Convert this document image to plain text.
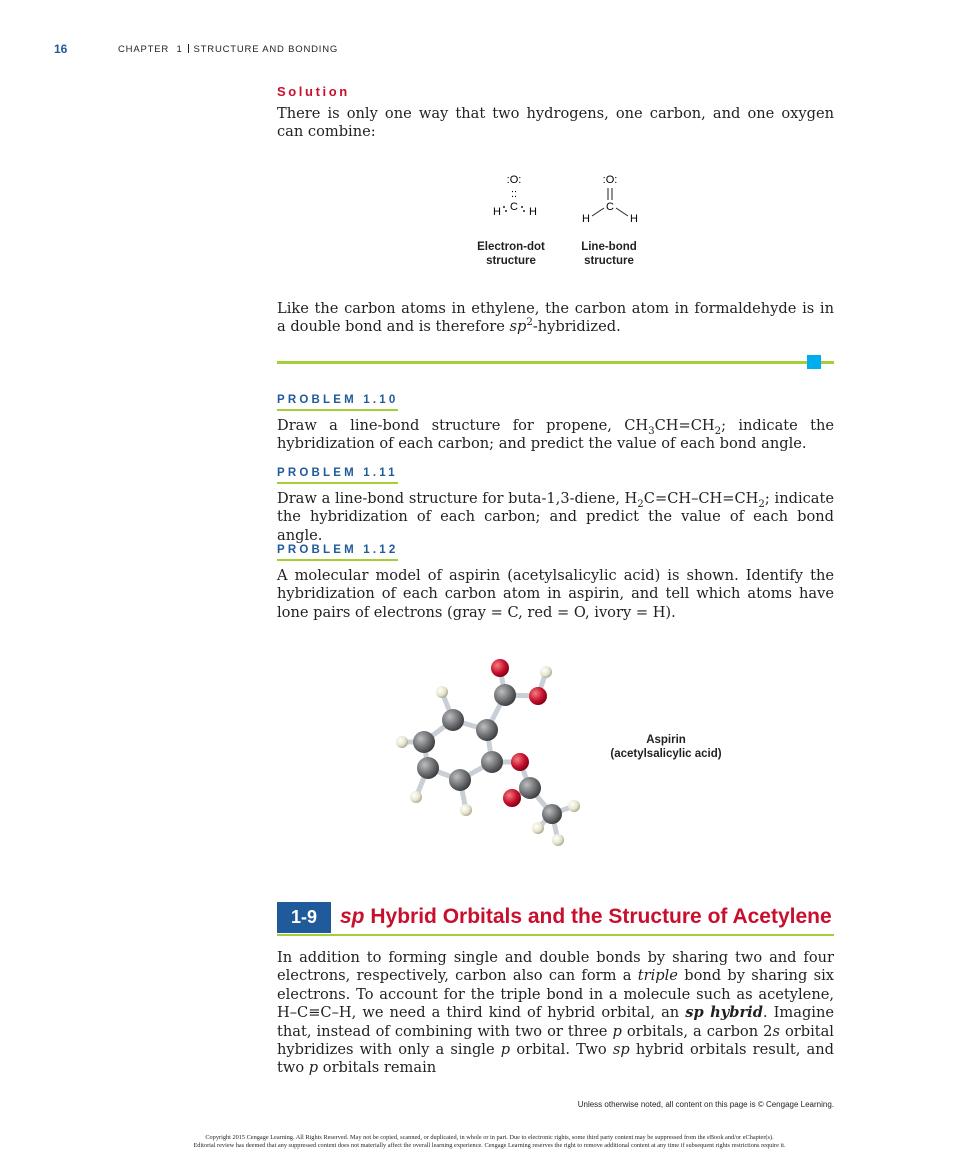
16	CHAPTER 1 STRUCTURE AND BONDING
Solution
There is only one way that two hydrogens, one carbon, and one oxygen can combine:
:O:
::
C
H	H
:O:
C
H	H
Electron-dot
structure
Line-bond
structure
Like the carbon atoms in ethylene, the carbon atom in formaldehyde is in a double bond and is therefore $sp^2$-hybridized.
PROBLEM 1.10
Draw a line-bond structure for propene, $CH_3CH=CH_2$; indicate the hybridization of each carbon; and predict the value of each bond angle.
PROBLEM 1.11
Draw a line-bond structure for buta-1,3-diene, $H_2C=CH-CH=CH_2$; indicate the hybridization of each carbon; and predict the value of each bond angle.
PROBLEM 1.12
A molecular model of aspirin (acetylsalicylic acid) is shown. Identify the hybridization of each carbon atom in aspirin, and tell which atoms have lone pairs of electrons (gray = C, red = O, ivory = H).
Aspirin
(acetylsalicylic acid)
1-9	sp Hybrid Orbitals and the Structure of Acetylene
In addition to forming single and double bonds by sharing two and four electrons, respectively, carbon also can form a triple bond by sharing six electrons. To account for the triple bond in a molecule such as acetylene, H–C≡C–H, we need a third kind of hybrid orbital, an sp hybrid. Imagine that, instead of combining with two or three p orbitals, a carbon 2s orbital hybridizes with only a single p orbital. Two sp hybrid orbitals result, and two p orbitals remain
Unless otherwise noted, all content on this page is © Cengage Learning.
Copyright 2015 Cengage Learning. All Rights Reserved. May not be copied, scanned, or duplicated, in whole or in part. Due to electronic rights, some third party content may be suppressed from the eBook and/or eChapter(s).
Editorial review has deemed that any suppressed content does not materially affect the overall learning experience. Cengage Learning reserves the right to remove additional content at any time if subsequent rights restrictions require it.
